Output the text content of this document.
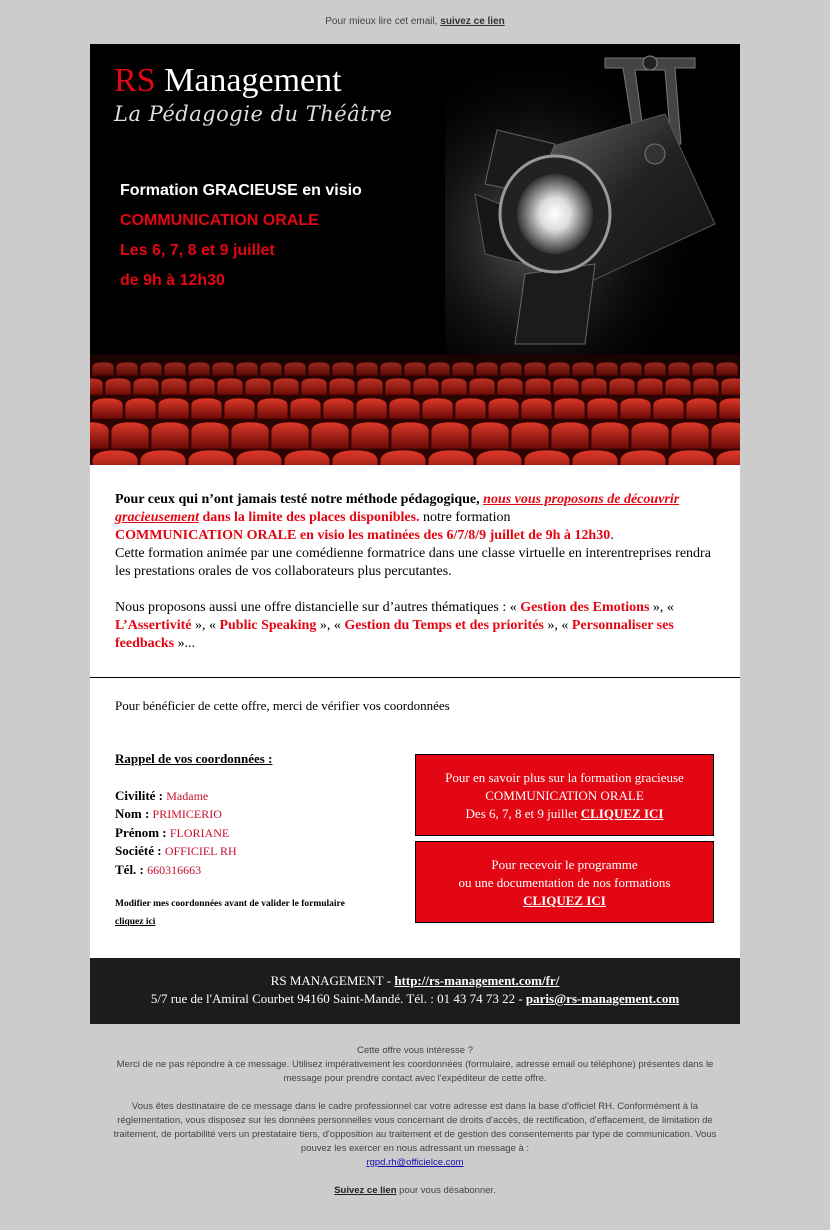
Pour mieux lire cet email, suivez ce lien
RS Management
La Pédagogie du Théâtre
Formation GRACIEUSE en visio
COMMUNICATION ORALE
Les 6, 7, 8 et 9 juillet
de 9h à 12h30

Pour ceux qui n’ont jamais testé notre méthode pédagogique, nous vous proposons de découvrir gracieusement dans la limite des places disponibles. notre formation
COMMUNICATION ORALE en visio les matinées des 6/7/8/9 juillet de 9h à 12h30.
Cette formation animée par une comédienne formatrice dans une classe virtuelle en interentreprises rendra les prestations orales de vos collaborateurs plus percutantes.

Nous proposons aussi une offre distancielle sur d’autres thématiques : « Gestion des Emotions », « L’Assertivité », « Public Speaking », « Gestion du Temps et des priorités », « Personnaliser ses feedbacks »...

Pour bénéficier de cette offre, merci de vérifier vos coordonnées
Rappel de vos coordonnées :
Civilité : Madame
Nom : PRIMICERIO
Prénom : FLORIANE
Société : OFFICIEL RH
Tél. : 660316663
Modifier mes coordonnées avant de valider le formulaire
cliquez ici
Pour en savoir plus sur la formation gracieuse
COMMUNICATION ORALE
Des 6, 7, 8 et 9 juillet CLIQUEZ ICI
Pour recevoir le programme
ou une documentation de nos formations
CLIQUEZ ICI
RS MANAGEMENT - http://rs-management.com/fr/
5/7 rue de l'Amiral Courbet 94160 Saint-Mandé. Tél. : 01 43 74 73 22 - paris@rs-management.com

Cette offre vous intéresse ?
Merci de ne pas répondre à ce message. Utilisez impérativement les coordonnées (formulaire, adresse email ou téléphone) présentes dans le message pour prendre contact avec l'expéditeur de cette offre.

Vous êtes destinataire de ce message dans le cadre professionnel car votre adresse est dans la base d'officiel RH. Conformément à la réglementation, vous disposez sur les données personnelles vous concernant de droits d'accès, de rectification, d'effacement, de limitation de traitement, de portabilité vers un prestataire tiers, d'opposition au traitement et de gestion des consentements par type de communication. Vous pouvez les exercer en nous adressant un message à :
rgpd.rh@officielce.com

Suivez ce lien pour vous désabonner.
